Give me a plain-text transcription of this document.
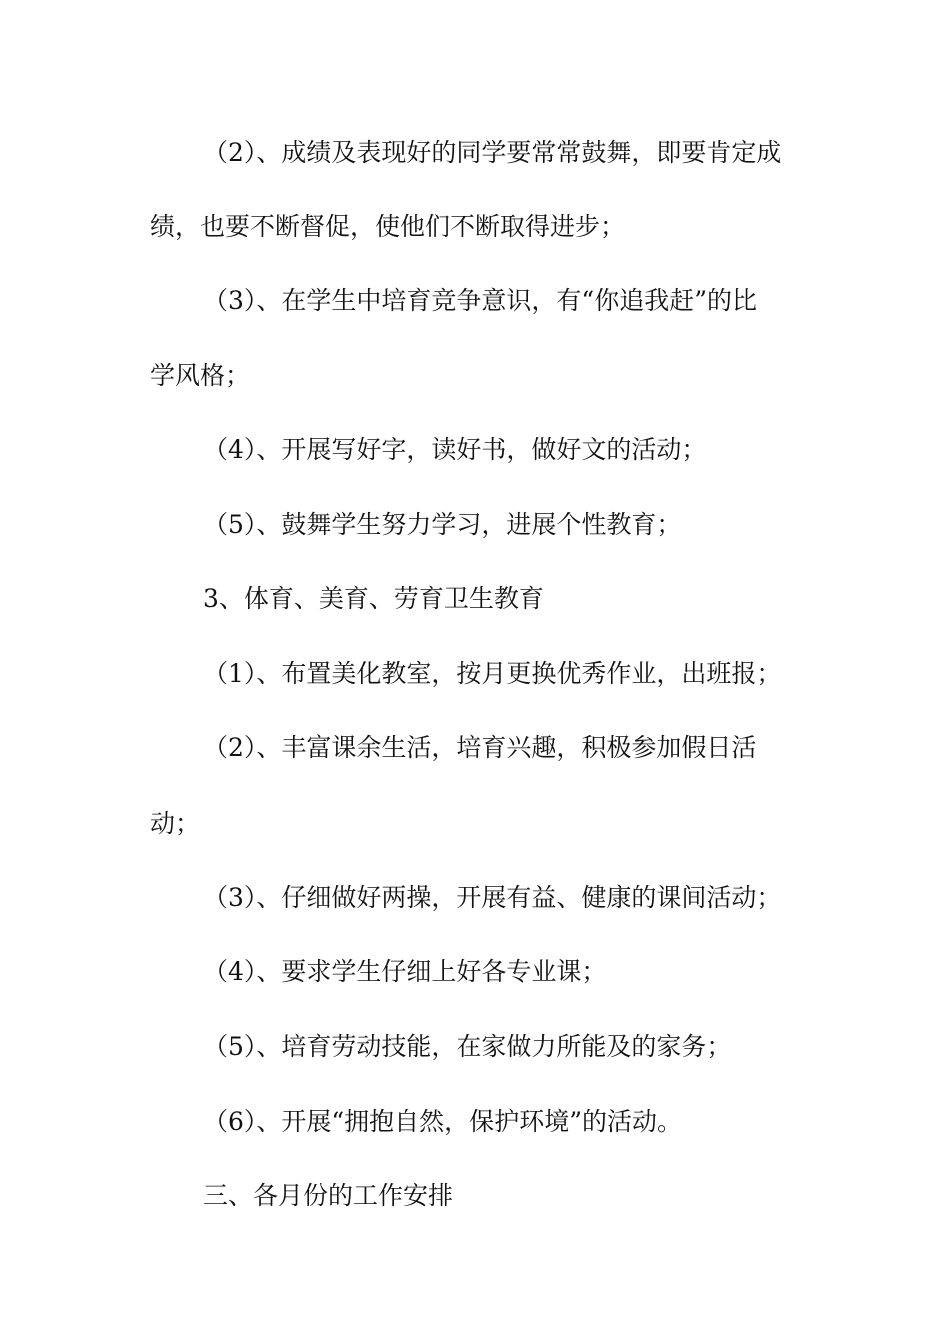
（2）、成绩及表现好的同学要常常鼓舞，即要肯定成
绩，也要不断督促，使他们不断取得进步；
（3）、在学生中培育竞争意识，有“你追我赶”的比
学风格；
（4）、开展写好字，读好书，做好文的活动；
（5）、鼓舞学生努力学习，进展个性教育；
3、体育、美育、劳育卫生教育
（1）、布置美化教室，按月更换优秀作业，出班报；
（2）、丰富课余生活，培育兴趣，积极参加假日活
动；
（3）、仔细做好两操，开展有益、健康的课间活动；
（4）、要求学生仔细上好各专业课；
（5）、培育劳动技能，在家做力所能及的家务；
（6）、开展“拥抱自然，保护环境”的活动。
三、各月份的工作安排
